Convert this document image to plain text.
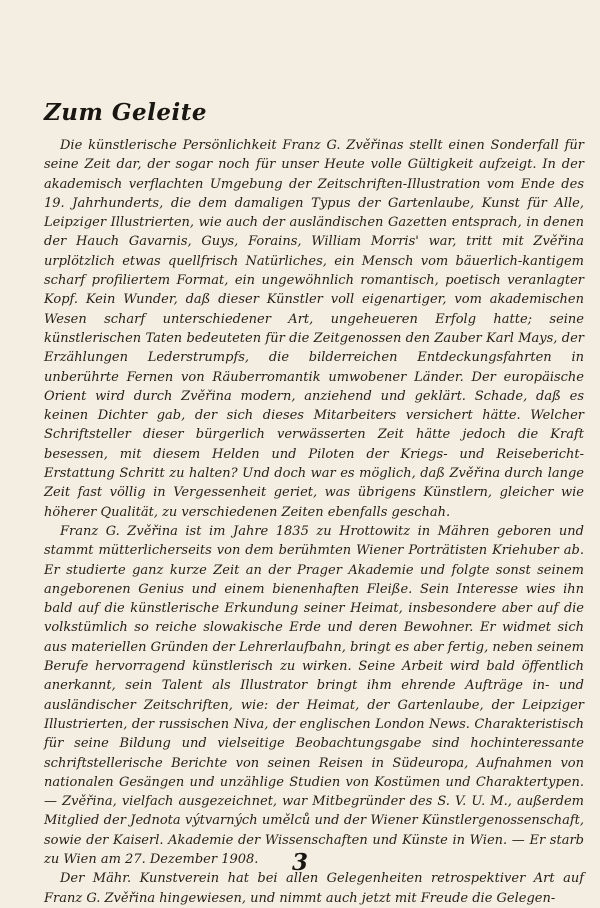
Zum Geleite

Die künstlerische Persönlichkeit Franz G. Zvěřinas stellt einen Sonderfall für seine Zeit dar, der sogar noch für unser Heute volle Gültigkeit aufzeigt. In der akademisch verflachten Umgebung der Zeitschriften-Illustration vom Ende des 19. Jahrhunderts, die dem damaligen Typus der Gartenlaube, Kunst für Alle, Leipziger Illustrierten, wie auch der ausländischen Gazetten entsprach, in denen der Hauch Gavarnis, Guys, Forains, William Morris' war, tritt mit Zvěřina urplötzlich etwas quellfrisch Natürliches, ein Mensch vom bäuerlich-kantigem scharf profiliertem Format, ein ungewöhnlich romantisch, poetisch veranlagter Kopf. Kein Wunder, daß dieser Künstler voll eigenartiger, vom akademischen Wesen scharf unterschiedener Art, ungeheueren Erfolg hatte; seine künstlerischen Taten bedeuteten für die Zeitgenossen den Zauber Karl Mays, der Erzählungen Lederstrumpfs, die bilderreichen Entdeckungsfahrten in unberührte Fernen von Räuberromantik umwobener Länder. Der europäische Orient wird durch Zvěřina modern, anziehend und geklärt. Schade, daß es keinen Dichter gab, der sich dieses Mitarbeiters versichert hätte. Welcher Schriftsteller dieser bürgerlich verwässerten Zeit hätte jedoch die Kraft besessen, mit diesem Helden und Piloten der Kriegs- und Reisebericht-Erstattung Schritt zu halten? Und doch war es möglich, daß Zvěřina durch lange Zeit fast völlig in Vergessenheit geriet, was übrigens Künstlern, gleicher wie höherer Qualität, zu verschiedenen Zeiten ebenfalls geschah.

Franz G. Zvěřina ist im Jahre 1835 zu Hrottowitz in Mähren geboren und stammt mütterlicherseits von dem berühmten Wiener Porträtisten Kriehuber ab. Er studierte ganz kurze Zeit an der Prager Akademie und folgte sonst seinem angeborenen Genius und einem bienenhaften Fleiße. Sein Interesse wies ihn bald auf die künstlerische Erkundung seiner Heimat, insbesondere aber auf die volkstümlich so reiche slowakische Erde und deren Bewohner. Er widmet sich aus materiellen Gründen der Lehrerlaufbahn, bringt es aber fertig, neben seinem Berufe hervorragend künstlerisch zu wirken. Seine Arbeit wird bald öffentlich anerkannt, sein Talent als Illustrator bringt ihm ehrende Aufträge in- und ausländischer Zeitschriften, wie: der Heimat, der Gartenlaube, der Leipziger Illustrierten, der russischen Niva, der englischen London News. Charakteristisch für seine Bildung und vielseitige Beobachtungsgabe sind hochinteressante schriftstellerische Berichte von seinen Reisen in Südeuropa, Aufnahmen von nationalen Gesängen und unzählige Studien von Kostümen und Charaktertypen. — Zvěřina, vielfach ausgezeichnet, war Mitbegründer des S. V. U. M., außerdem Mitglied der Jednota výtvarných umělců und der Wiener Künstlergenossenschaft, sowie der Kaiserl. Akademie der Wissenschaften und Künste in Wien. — Er starb zu Wien am 27. Dezember 1908.

Der Mähr. Kunstverein hat bei allen Gelegenheiten retrospektiver Art auf Franz G. Zvěřina hingewiesen, und nimmt auch jetzt mit Freude die Gelegen-

3
